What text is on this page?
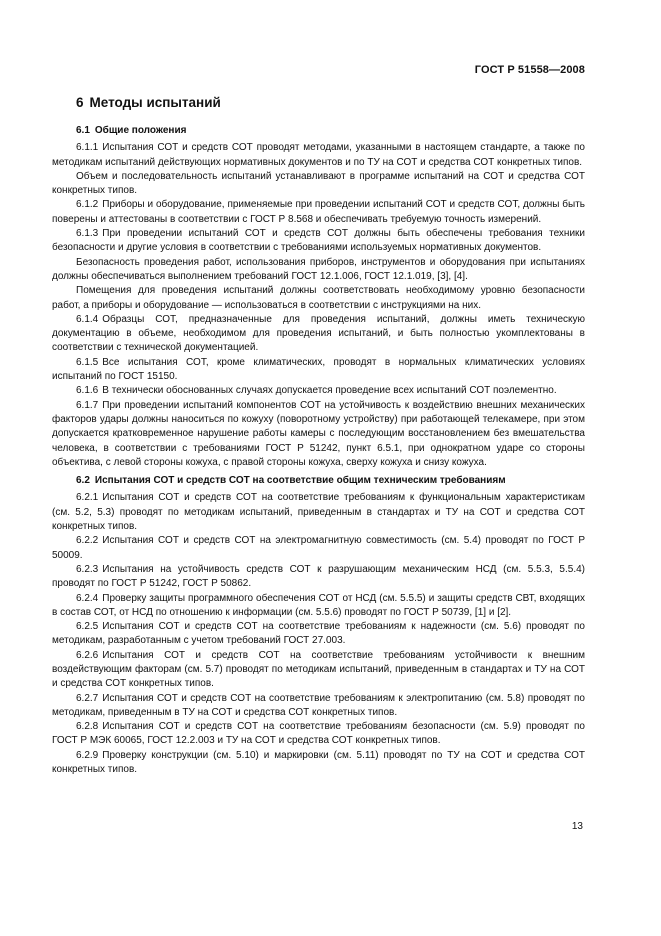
ГОСТ Р 51558—2008
6 Методы испытаний
6.1 Общие положения

6.1.1 Испытания СОТ и средств СОТ проводят методами, указанными в настоящем стандарте, а также по методикам испытаний действующих нормативных документов и по ТУ на СОТ и средства СОТ конкретных типов.

Объем и последовательность испытаний устанавливают в программе испытаний на СОТ и средства СОТ конкретных типов.

6.1.2 Приборы и оборудование, применяемые при проведении испытаний СОТ и средств СОТ, должны быть поверены и аттестованы в соответствии с ГОСТ Р 8.568 и обеспечивать требуемую точность измерений.

6.1.3 При проведении испытаний СОТ и средств СОТ должны быть обеспечены требования техники безопасности и другие условия в соответствии с требованиями используемых нормативных документов.

Безопасность проведения работ, использования приборов, инструментов и оборудования при испытаниях должны обеспечиваться выполнением требований ГОСТ 12.1.006, ГОСТ 12.1.019, [3], [4].

Помещения для проведения испытаний должны соответствовать необходимому уровню безопасности работ, а приборы и оборудование — использоваться в соответствии с инструкциями на них.

6.1.4 Образцы СОТ, предназначенные для проведения испытаний, должны иметь техническую документацию в объеме, необходимом для проведения испытаний, и быть полностью укомплектованы в соответствии с технической документацией.

6.1.5 Все испытания СОТ, кроме климатических, проводят в нормальных климатических условиях испытаний по ГОСТ 15150.

6.1.6 В технически обоснованных случаях допускается проведение всех испытаний СОТ поэлементно.

6.1.7 При проведении испытаний компонентов СОТ на устойчивость к воздействию внешних механических факторов удары должны наноситься по кожуху (поворотному устройству) при работающей телекамере, при этом допускается кратковременное нарушение работы камеры с последующим восстановлением без вмешательства человека, в соответствии с требованиями ГОСТ Р 51242, пункт 6.5.1, при однократном ударе со стороны объектива, с левой стороны кожуха, с правой стороны кожуха, сверху кожуха и снизу кожуха.

6.2 Испытания СОТ и средств СОТ на соответствие общим техническим требованиям

6.2.1 Испытания СОТ и средств СОТ на соответствие требованиям к функциональным характеристикам (см. 5.2, 5.3) проводят по методикам испытаний, приведенным в стандартах и ТУ на СОТ и средства СОТ конкретных типов.

6.2.2 Испытания СОТ и средств СОТ на электромагнитную совместимость (см. 5.4) проводят по ГОСТ Р 50009.

6.2.3 Испытания на устойчивость средств СОТ к разрушающим механическим НСД (см. 5.5.3, 5.5.4) проводят по ГОСТ Р 51242, ГОСТ Р 50862.

6.2.4 Проверку защиты программного обеспечения СОТ от НСД (см. 5.5.5) и защиты средств СВТ, входящих в состав СОТ, от НСД по отношению к информации (см. 5.5.6) проводят по ГОСТ Р 50739, [1] и [2].

6.2.5 Испытания СОТ и средств СОТ на соответствие требованиям к надежности (см. 5.6) проводят по методикам, разработанным с учетом требований ГОСТ 27.003.

6.2.6 Испытания СОТ и средств СОТ на соответствие требованиям устойчивости к внешним воздействующим факторам (см. 5.7) проводят по методикам испытаний, приведенным в стандартах и ТУ на СОТ и средства СОТ конкретных типов.

6.2.7 Испытания СОТ и средств СОТ на соответствие требованиям к электропитанию (см. 5.8) проводят по методикам, приведенным в ТУ на СОТ и средства СОТ конкретных типов.

6.2.8 Испытания СОТ и средств СОТ на соответствие требованиям безопасности (см. 5.9) проводят по ГОСТ Р МЭК 60065, ГОСТ 12.2.003 и ТУ на СОТ и средства СОТ конкретных типов.

6.2.9 Проверку конструкции (см. 5.10) и маркировки (см. 5.11) проводят по ТУ на СОТ и средства СОТ конкретных типов.

13
